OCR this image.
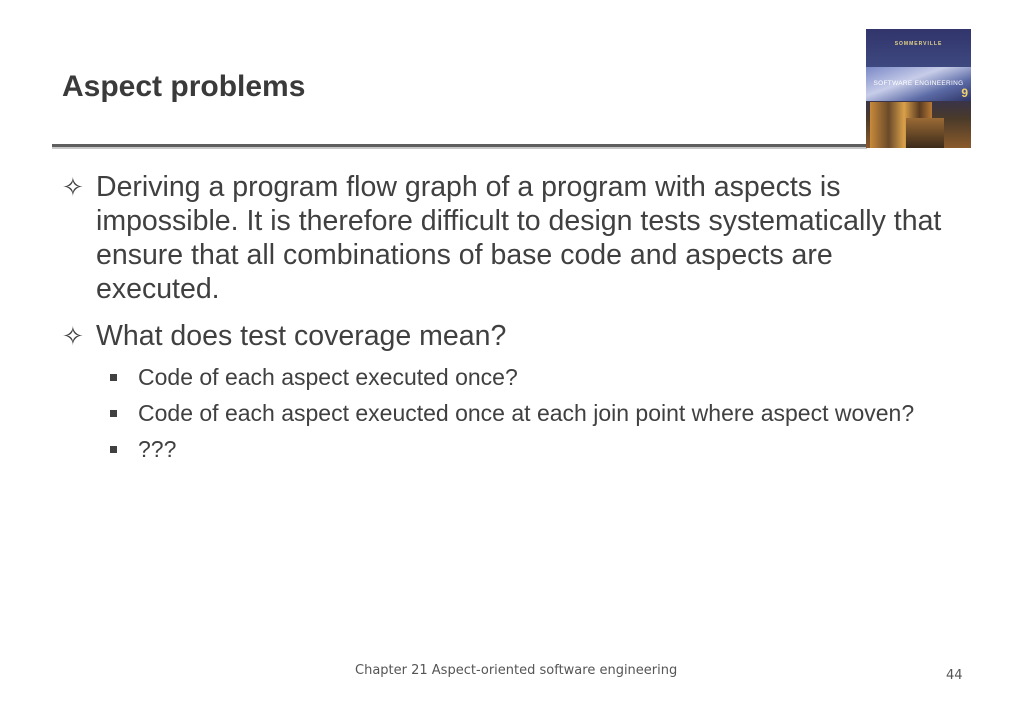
Aspect problems
SOMMERVILLE
SOFTWARE ENGINEERING
9
✧ Deriving a program flow graph of a program with aspects is impossible. It is therefore difficult to design tests systematically that ensure that all combinations of base code and aspects are executed.
✧ What does test coverage mean?
Code of each aspect executed once?
Code of each aspect exeucted once at each join point where aspect woven?
???
Chapter 21 Aspect-oriented software engineering	44
